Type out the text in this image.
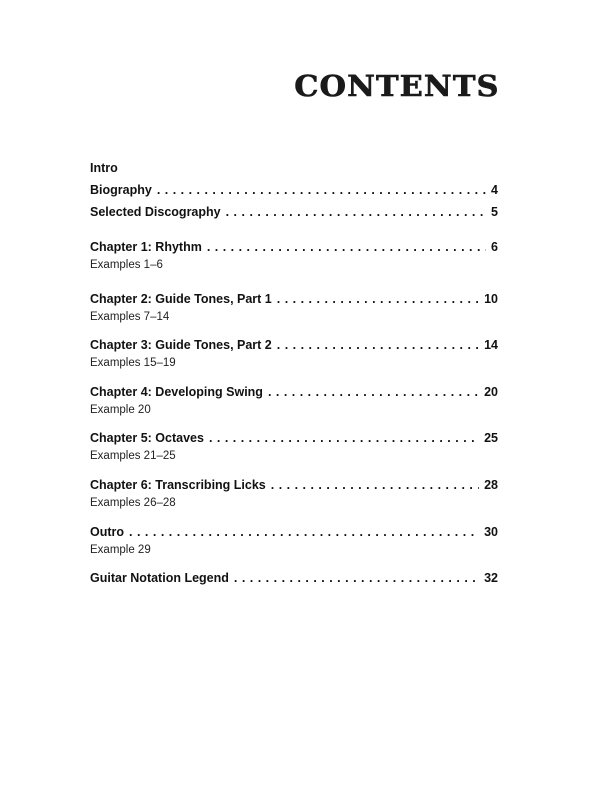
CONTENTS
Intro
Biography . . .	4
Selected Discography . . .	5
Chapter 1: Rhythm . . .	6
Examples 1–6
Chapter 2: Guide Tones, Part 1 . . .	10
Examples 7–14
Chapter 3: Guide Tones, Part 2 . . .	14
Examples 15–19
Chapter 4: Developing Swing . . .	20
Example 20
Chapter 5: Octaves . . .	25
Examples 21–25
Chapter 6: Transcribing Licks . . .	28
Examples 26–28
Outro . . .	30
Example 29
Guitar Notation Legend . . .	32
